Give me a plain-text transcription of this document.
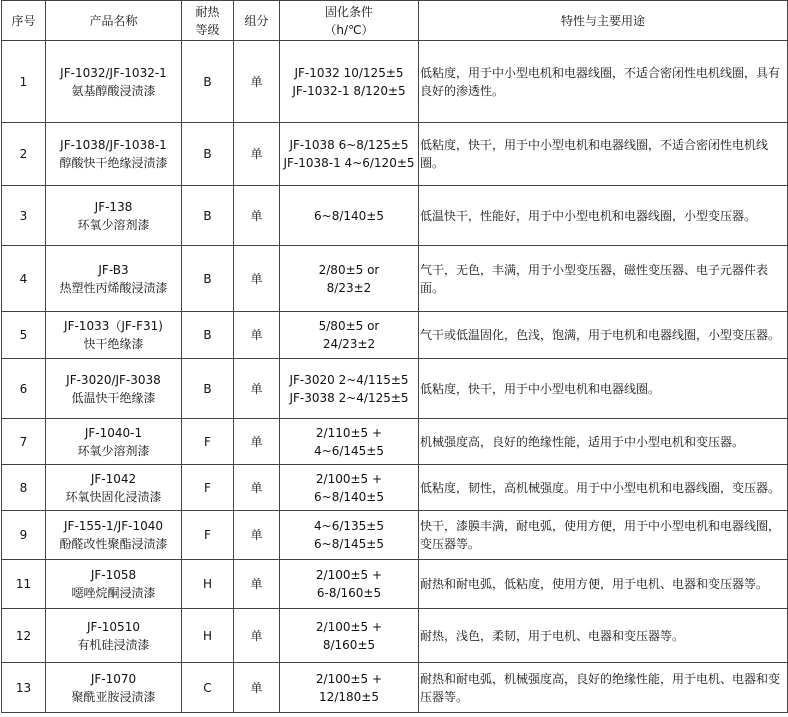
序号	产品名称	耐热
等级	组分	固化条件
（h/℃）	特性与主要用途
1	JF-1032/JF-1032-1
氨基醇酸浸渍漆	B	单	JF-1032 10/125±5
JF-1032-1 8/120±5	低粘度，用于中小型电机和电器线圈，不适合密闭性电机线圈，具有良好的渗透性。
2	JF-1038/JF-1038-1
醇酸快干绝缘浸渍漆	B	单	JF-1038 6~8/125±5
JF-1038-1 4~6/120±5	低粘度，快干，用于中小型电机和电器线圈，不适合密闭性电机线圈。
3	JF-138
环氧少溶剂漆	B	单	6~8/140±5	低温快干，性能好，用于中小型电机和电器线圈，小型变压器。
4	JF-B3
热塑性丙烯酸浸渍漆	B	单	2/80±5 or
8/23±2	气干，无色，丰满，用于小型变压器，磁性变压器、电子元器件表面。
5	JF-1033（JF-F31)
快干绝缘漆	B	单	5/80±5 or
24/23±2	气干或低温固化，色浅，饱满，用于电机和电器线圈，小型变压器。
6	JF-3020/JF-3038
低温快干绝缘漆	B	单	JF-3020 2~4/115±5
JF-3038 2~4/125±5	低粘度，快干，用于中小型电机和电器线圈。
7	JF-1040-1
环氧少溶剂漆	F	单	2/110±5 +
4~6/145±5	机械强度高，良好的绝缘性能，适用于中小型电机和变压器。
8	JF-1042
环氧快固化浸渍漆	F	单	2/100±5 +
6~8/140±5	低粘度，韧性，高机械强度。用于中小型电机和电器线圈，变压器。
9	JF-155-1/JF-1040
酚醛改性聚酯浸渍漆	F	单	4~6/135±5
6~8/145±5	快干，漆膜丰满，耐电弧，使用方便，用于中小型电机和电器线圈，变压器等。
11	JF-1058
噁唑烷酮浸渍漆	H	单	2/100±5 +
6-8/160±5	耐热和耐电弧，低粘度，使用方便，用于电机、电器和变压器等。
12	JF-10510
有机硅浸渍漆	H	单	2/100±5 +
8/160±5	耐热，浅色，柔韧，用于电机、电器和变压器等。
13	JF-1070
聚酰亚胺浸渍漆	C	单	2/100±5 +
12/180±5	耐热和耐电弧，机械强度高，良好的绝缘性能，用于电机、电器和变压器等。
